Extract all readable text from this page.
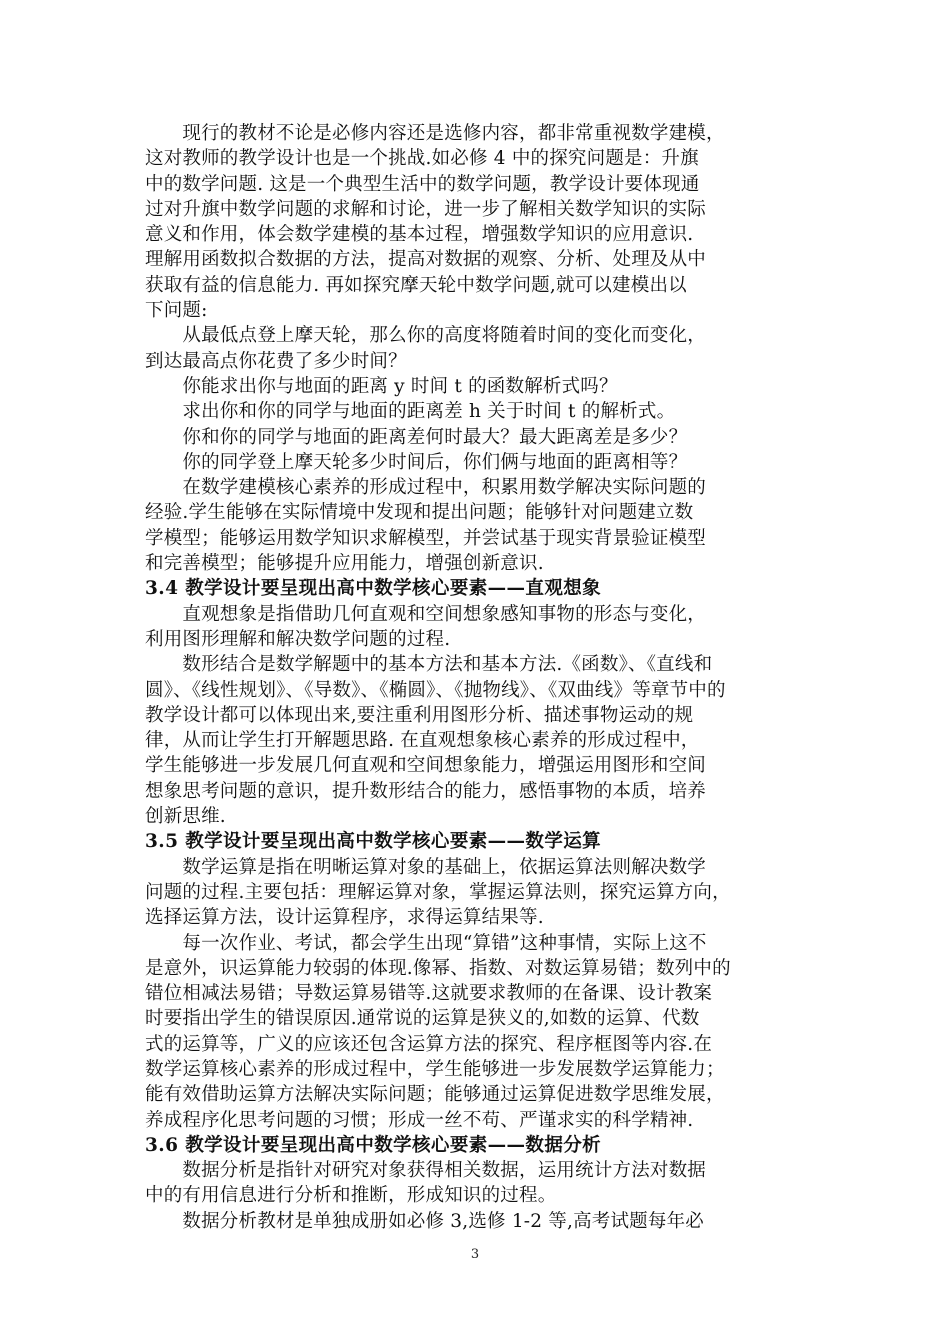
　　现行的教材不论是必修内容还是选修内容，都非常重视数学建模，
这对教师的教学设计也是一个挑战.如必修 4 中的探究问题是：升旗
中的数学问题. 这是一个典型生活中的数学问题，教学设计要体现通
过对升旗中数学问题的求解和讨论，进一步了解相关数学知识的实际
意义和作用，体会数学建模的基本过程，增强数学知识的应用意识.
理解用函数拟合数据的方法，提高对数据的观察、分析、处理及从中
获取有益的信息能力. 再如探究摩天轮中数学问题,就可以建模出以
下问题:
　　从最低点登上摩天轮，那么你的高度将随着时间的变化而变化，
到达最高点你花费了多少时间？
　　你能求出你与地面的距离 y 时间 t 的函数解析式吗？
　　求出你和你的同学与地面的距离差 h 关于时间 t 的解析式。
　　你和你的同学与地面的距离差何时最大？最大距离差是多少？
　　你的同学登上摩天轮多少时间后，你们俩与地面的距离相等？
　　在数学建模核心素养的形成过程中，积累用数学解决实际问题的
经验.学生能够在实际情境中发现和提出问题；能够针对问题建立数
学模型；能够运用数学知识求解模型，并尝试基于现实背景验证模型
和完善模型；能够提升应用能力，增强创新意识.
3.4 教学设计要呈现出高中数学核心要素——直观想象
　　直观想象是指借助几何直观和空间想象感知事物的形态与变化，
利用图形理解和解决数学问题的过程.
　　数形结合是数学解题中的基本方法和基本方法.《函数》、《直线和
圆》、《线性规划》、《导数》、《椭圆》、《抛物线》、《双曲线》等章节中的
教学设计都可以体现出来,要注重利用图形分析、描述事物运动的规
律，从而让学生打开解题思路. 在直观想象核心素养的形成过程中，
学生能够进一步发展几何直观和空间想象能力，增强运用图形和空间
想象思考问题的意识，提升数形结合的能力，感悟事物的本质，培养
创新思维.
3.5 教学设计要呈现出高中数学核心要素——数学运算
　　数学运算是指在明晰运算对象的基础上，依据运算法则解决数学
问题的过程.主要包括：理解运算对象，掌握运算法则，探究运算方向，
选择运算方法，设计运算程序，求得运算结果等.
　　每一次作业、考试，都会学生出现“算错”这种事情，实际上这不
是意外，识运算能力较弱的体现.像幂、指数、对数运算易错；数列中的
错位相减法易错；导数运算易错等.这就要求教师的在备课、设计教案
时要指出学生的错误原因.通常说的运算是狭义的,如数的运算、代数
式的运算等，广义的应该还包含运算方法的探究、程序框图等内容.在
数学运算核心素养的形成过程中，学生能够进一步发展数学运算能力；
能有效借助运算方法解决实际问题；能够通过运算促进数学思维发展，
养成程序化思考问题的习惯；形成一丝不苟、严谨求实的科学精神.
3.6 教学设计要呈现出高中数学核心要素——数据分析
　　数据分析是指针对研究对象获得相关数据，运用统计方法对数据
中的有用信息进行分析和推断，形成知识的过程。
　　数据分析教材是单独成册如必修 3,选修 1-2 等,高考试题每年必
3
